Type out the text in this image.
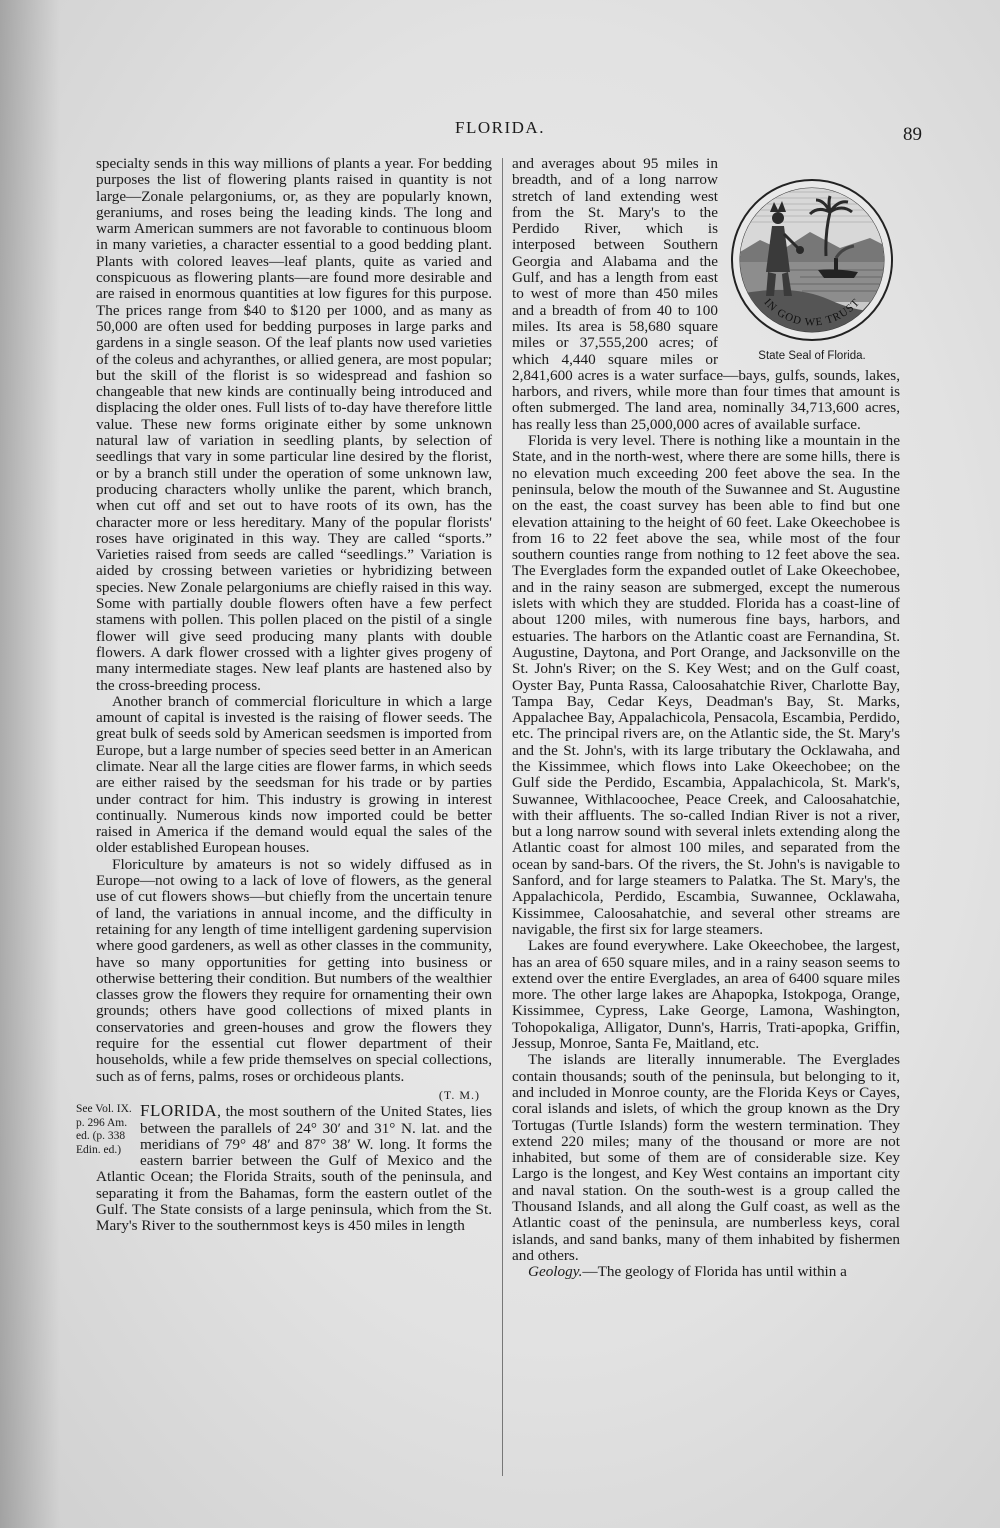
FLORIDA.	89

specialty sends in this way millions of plants a year. For bedding purposes the list of flowering plants raised in quantity is not large—Zonale pelargoniums, or, as they are popularly known, geraniums, and roses being the leading kinds. The long and warm American summers are not favorable to continuous bloom in many varieties, a character essential to a good bedding plant. Plants with colored leaves—leaf plants, quite as varied and conspicuous as flowering plants—are found more desirable and are raised in enormous quantities at low figures for this purpose. The prices range from $40 to $120 per 1000, and as many as 50,000 are often used for bedding purposes in large parks and gardens in a single season. Of the leaf plants now used varieties of the coleus and achyranthes, or allied genera, are most popular; but the skill of the florist is so widespread and fashion so changeable that new kinds are continually being introduced and displacing the older ones. Full lists of to-day have therefore little value. These new forms originate either by some unknown natural law of variation in seedling plants, by selection of seedlings that vary in some particular line desired by the florist, or by a branch still under the operation of some unknown law, producing characters wholly unlike the parent, which branch, when cut off and set out to have roots of its own, has the character more or less hereditary. Many of the popular florists' roses have originated in this way. They are called “sports.” Varieties raised from seeds are called “seedlings.” Variation is aided by crossing between varieties or hybridizing between species. New Zonale pelargoniums are chiefly raised in this way. Some with partially double flowers often have a few perfect stamens with pollen. This pollen placed on the pistil of a single flower will give seed producing many plants with double flowers. A dark flower crossed with a lighter gives progeny of many intermediate stages. New leaf plants are hastened also by the cross-breeding process.

Another branch of commercial floriculture in which a large amount of capital is invested is the raising of flower seeds. The great bulk of seeds sold by American seedsmen is imported from Europe, but a large number of species seed better in an American climate. Near all the large cities are flower farms, in which seeds are either raised by the seedsman for his trade or by parties under contract for him. This industry is growing in interest continually. Numerous kinds now imported could be better raised in America if the demand would equal the sales of the older established European houses.

Floriculture by amateurs is not so widely diffused as in Europe—not owing to a lack of love of flowers, as the general use of cut flowers shows—but chiefly from the uncertain tenure of land, the variations in annual income, and the difficulty in retaining for any length of time intelligent gardening supervision where good gardeners, as well as other classes in the community, have so many opportunities for getting into business or otherwise bettering their condition. But numbers of the wealthier classes grow the flowers they require for ornamenting their own grounds; others have good collections of mixed plants in conservatories and green-houses and grow the flowers they require for the essential cut flower department of their households, while a few pride themselves on special collections, such as of ferns, palms, roses or orchideous plants.

(T. M.)

FLORIDA
See Vol. IX. p. 296 Am. ed. (p. 338 Edin. ed.)
, the most southern of the United States, lies between the parallels of 24° 30′ and 31° N. lat. and the meridians of 79° 48′ and 87° 38′ W. long. It forms the eastern barrier between the Gulf of Mexico and the Atlantic Ocean; the Florida Straits, south of the peninsula, and separating it from the Bahamas, form the eastern outlet of the Gulf. The State consists of a large peninsula, which from the St. Mary's River to the southernmost keys is 450 miles in length

IN GOD WE TRUST
State Seal of Florida.

and averages about 95 miles in breadth, and of a long narrow stretch of land extending west from the St. Mary's to the Perdido River, which is interposed between Southern Georgia and Alabama and the Gulf, and has a length from east to west of more than 450 miles and a breadth of from 40 to 100 miles. Its area is 58,680 square miles or 37,555,200 acres; of which 4,440 square miles or 2,841,600 acres is a water surface—bays, gulfs, sounds, lakes, harbors, and rivers, while more than four times that amount is often submerged. The land area, nominally 34,713,600 acres, has really less than 25,000,000 acres of available surface.

Florida is very level. There is nothing like a mountain in the State, and in the north-west, where there are some hills, there is no elevation much exceeding 200 feet above the sea. In the peninsula, below the mouth of the Suwannee and St. Augustine on the east, the coast survey has been able to find but one elevation attaining to the height of 60 feet. Lake Okeechobee is from 16 to 22 feet above the sea, while most of the four southern counties range from nothing to 12 feet above the sea. The Everglades form the expanded outlet of Lake Okeechobee, and in the rainy season are submerged, except the numerous islets with which they are studded. Florida has a coast-line of about 1200 miles, with numerous fine bays, harbors, and estuaries. The harbors on the Atlantic coast are Fernandina, St. Augustine, Daytona, and Port Orange, and Jacksonville on the St. John's River; on the S. Key West; and on the Gulf coast, Oyster Bay, Punta Rassa, Caloosahatchie River, Charlotte Bay, Tampa Bay, Cedar Keys, Deadman's Bay, St. Marks, Appalachee Bay, Appalachicola, Pensacola, Escambia, Perdido, etc. The principal rivers are, on the Atlantic side, the St. Mary's and the St. John's, with its large tributary the Ocklawaha, and the Kissimmee, which flows into Lake Okeechobee; on the Gulf side the Perdido, Escambia, Appalachicola, St. Mark's, Suwannee, Withlacoochee, Peace Creek, and Caloosahatchie, with their affluents. The so-called Indian River is not a river, but a long narrow sound with several inlets extending along the Atlantic coast for almost 100 miles, and separated from the ocean by sand-bars. Of the rivers, the St. John's is navigable to Sanford, and for large steamers to Palatka. The St. Mary's, the Appalachicola, Perdido, Escambia, Suwannee, Ocklawaha, Kissimmee, Caloosahatchie, and several other streams are navigable, the first six for large steamers.

Lakes are found everywhere. Lake Okeechobee, the largest, has an area of 650 square miles, and in a rainy season seems to extend over the entire Everglades, an area of 6400 square miles more. The other large lakes are Ahapopka, Istokpoga, Orange, Kissimmee, Cypress, Lake George, Lamona, Washington, Tohopokaliga, Alligator, Dunn's, Harris, Trati-apopka, Griffin, Jessup, Monroe, Santa Fe, Maitland, etc.

The islands are literally innumerable. The Everglades contain thousands; south of the peninsula, but belonging to it, and included in Monroe county, are the Florida Keys or Cayes, coral islands and islets, of which the group known as the Dry Tortugas (Turtle Islands) form the western termination. They extend 220 miles; many of the thousand or more are not inhabited, but some of them are of considerable size. Key Largo is the longest, and Key West contains an important city and naval station. On the south-west is a group called the Thousand Islands, and all along the Gulf coast, as well as the Atlantic coast of the peninsula, are numberless keys, coral islands, and sand banks, many of them inhabited by fishermen and others.

Geology.—The geology of Florida has until within a
